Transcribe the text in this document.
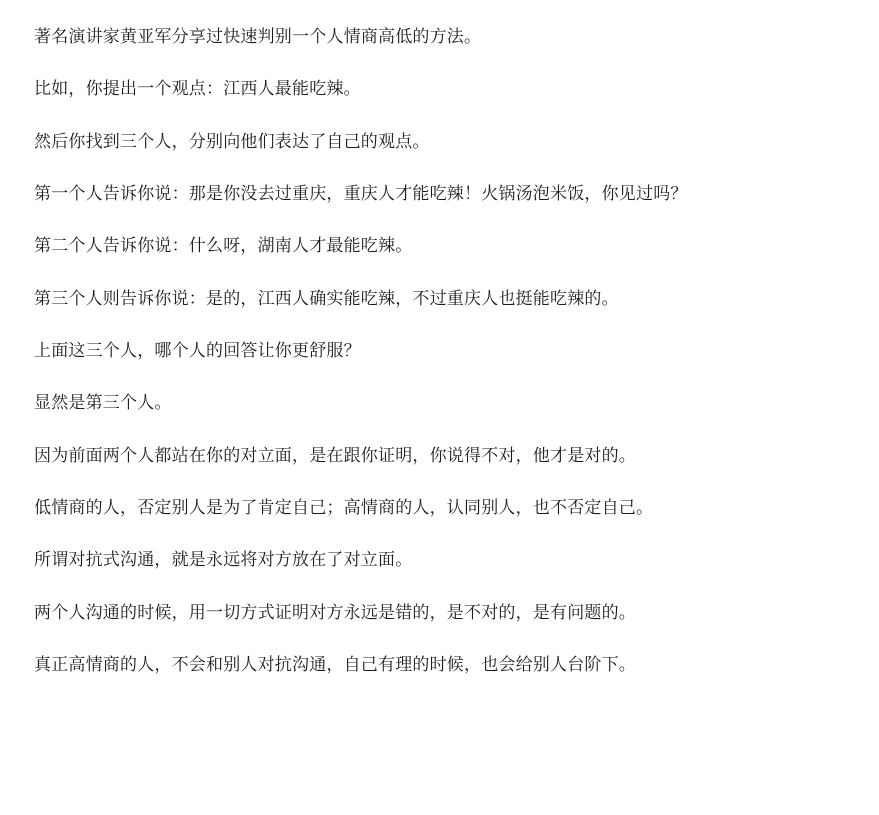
著名演讲家黄亚军分享过快速判别一个人情商高低的方法。

比如，你提出一个观点：江西人最能吃辣。

然后你找到三个人，分别向他们表达了自己的观点。

第一个人告诉你说：那是你没去过重庆，重庆人才能吃辣！火锅汤泡米饭，你见过吗？

第二个人告诉你说：什么呀，湖南人才最能吃辣。

第三个人则告诉你说：是的，江西人确实能吃辣，不过重庆人也挺能吃辣的。

上面这三个人，哪个人的回答让你更舒服？

显然是第三个人。

因为前面两个人都站在你的对立面，是在跟你证明，你说得不对，他才是对的。

低情商的人，否定别人是为了肯定自己；高情商的人，认同别人，也不否定自己。

所谓对抗式沟通，就是永远将对方放在了对立面。

两个人沟通的时候，用一切方式证明对方永远是错的，是不对的，是有问题的。

真正高情商的人，不会和别人对抗沟通，自己有理的时候，也会给别人台阶下。
